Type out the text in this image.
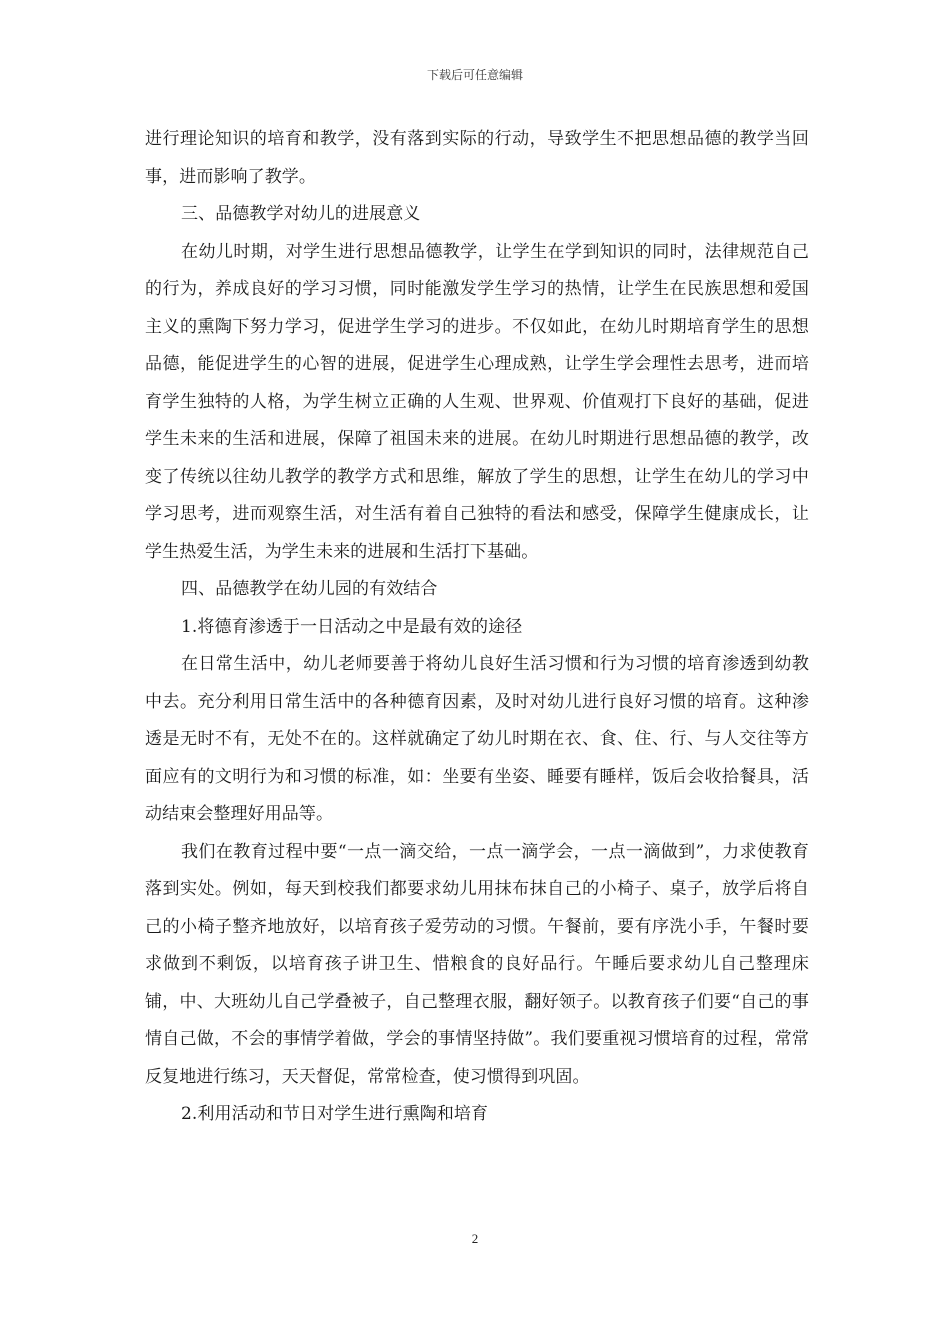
下载后可任意编辑

进行理论知识的培育和教学，没有落到实际的行动，导致学生不把思想品德的教学当回事，进而影响了教学。

三、品德教学对幼儿的进展意义

在幼儿时期，对学生进行思想品德教学，让学生在学到知识的同时，法律规范自己的行为，养成良好的学习习惯，同时能激发学生学习的热情，让学生在民族思想和爱国主义的熏陶下努力学习，促进学生学习的进步。不仅如此，在幼儿时期培育学生的思想品德，能促进学生的心智的进展，促进学生心理成熟，让学生学会理性去思考，进而培育学生独特的人格，为学生树立正确的人生观、世界观、价值观打下良好的基础，促进学生未来的生活和进展，保障了祖国未来的进展。在幼儿时期进行思想品德的教学，改变了传统以往幼儿教学的教学方式和思维，解放了学生的思想，让学生在幼儿的学习中学习思考，进而观察生活，对生活有着自己独特的看法和感受，保障学生健康成长，让学生热爱生活，为学生未来的进展和生活打下基础。

四、品德教学在幼儿园的有效结合

1.将德育渗透于一日活动之中是最有效的途径

在日常生活中，幼儿老师要善于将幼儿良好生活习惯和行为习惯的培育渗透到幼教中去。充分利用日常生活中的各种德育因素，及时对幼儿进行良好习惯的培育。这种渗透是无时不有，无处不在的。这样就确定了幼儿时期在衣、食、住、行、与人交往等方面应有的文明行为和习惯的标准，如：坐要有坐姿、睡要有睡样，饭后会收拾餐具，活动结束会整理好用品等。

我们在教育过程中要“一点一滴交给，一点一滴学会，一点一滴做到”，力求使教育落到实处。例如，每天到校我们都要求幼儿用抹布抹自己的小椅子、桌子，放学后将自己的小椅子整齐地放好，以培育孩子爱劳动的习惯。午餐前，要有序洗小手，午餐时要求做到不剩饭，以培育孩子讲卫生、惜粮食的良好品行。午睡后要求幼儿自己整理床铺，中、大班幼儿自己学叠被子，自己整理衣服，翻好领子。以教育孩子们要“自己的事情自己做，不会的事情学着做，学会的事情坚持做”。我们要重视习惯培育的过程，常常反复地进行练习，天天督促，常常检查，使习惯得到巩固。

2.利用活动和节日对学生进行熏陶和培育

2
